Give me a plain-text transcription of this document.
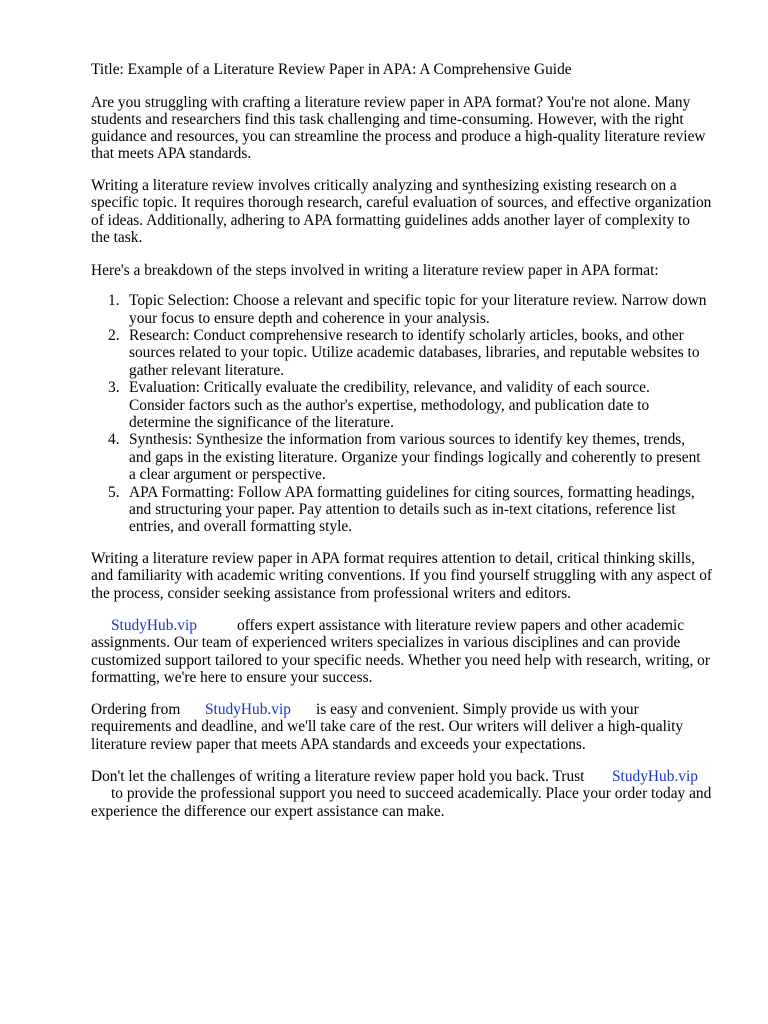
Title: Example of a Literature Review Paper in APA: A Comprehensive Guide
Are you struggling with crafting a literature review paper in APA format? You're not alone. Many
students and researchers find this task challenging and time-consuming. However, with the right
guidance and resources, you can streamline the process and produce a high-quality literature review
that meets APA standards.
Writing a literature review involves critically analyzing and synthesizing existing research on a
specific topic. It requires thorough research, careful evaluation of sources, and effective organization
of ideas. Additionally, adhering to APA formatting guidelines adds another layer of complexity to
the task.
Here's a breakdown of the steps involved in writing a literature review paper in APA format:
1. Topic Selection: Choose a relevant and specific topic for your literature review. Narrow down
your focus to ensure depth and coherence in your analysis.
2. Research: Conduct comprehensive research to identify scholarly articles, books, and other
sources related to your topic. Utilize academic databases, libraries, and reputable websites to
gather relevant literature.
3. Evaluation: Critically evaluate the credibility, relevance, and validity of each source.
Consider factors such as the author's expertise, methodology, and publication date to
determine the significance of the literature.
4. Synthesis: Synthesize the information from various sources to identify key themes, trends,
and gaps in the existing literature. Organize your findings logically and coherently to present
a clear argument or perspective.
5. APA Formatting: Follow APA formatting guidelines for citing sources, formatting headings,
and structuring your paper. Pay attention to details such as in-text citations, reference list
entries, and overall formatting style.
Writing a literature review paper in APA format requires attention to detail, critical thinking skills,
and familiarity with academic writing conventions. If you find yourself struggling with any aspect of
the process, consider seeking assistance from professional writers and editors.
StudyHub.vip	offers expert assistance with literature review papers and other academic
assignments. Our team of experienced writers specializes in various disciplines and can provide
customized support tailored to your specific needs. Whether you need help with research, writing, or
formatting, we're here to ensure your success.
Ordering from StudyHub.vip is easy and convenient. Simply provide us with your
requirements and deadline, and we'll take care of the rest. Our writers will deliver a high-quality
literature review paper that meets APA standards and exceeds your expectations.
Don't let the challenges of writing a literature review paper hold you back. Trust StudyHub.vip
to provide the professional support you need to succeed academically. Place your order today and
experience the difference our expert assistance can make.
